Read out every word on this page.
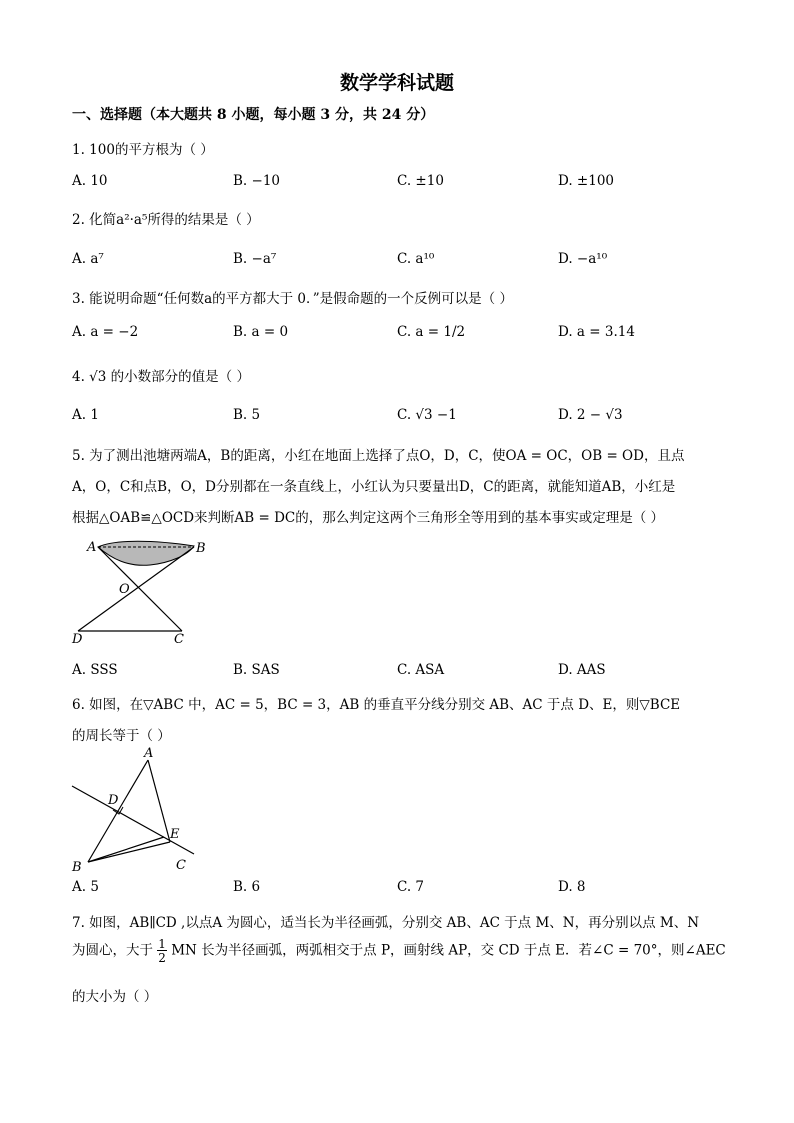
数学学科试题
一、选择题（本大题共 8 小题，每小题 3 分，共 24 分）
1. 100的平方根为（ ）
A. 10	B. −10	C. ±10	D. ±100
2. 化简a²·a⁵所得的结果是（ ）
A. a⁷	B. −a⁷	C. a¹⁰	D. −a¹⁰
3. 能说明命题“任何数a的平方都大于 0．”是假命题的一个反例可以是（ ）
A. a = −2	B. a = 0	C. a = 1/2	D. a = 3.14
4. √3 的小数部分的值是（ ）
A. 1	B. 5	C. √3 −1	D. 2 − √3
5. 为了测出池塘两端A，B的距离，小红在地面上选择了点O，D，C，使OA = OC，OB = OD，且点
A，O，C和点B，O，D分别都在一条直线上，小红认为只要量出D，C的距离，就能知道AB，小红是
根据△OAB≌△OCD来判断AB = DC的，那么判定这两个三角形全等用到的基本事实或定理是（ ）
A	B
O
D	C
A. SSS	B. SAS	C. ASA	D. AAS
6. 如图，在▽ABC 中，AC = 5，BC = 3，AB 的垂直平分线分别交 AB、AC 于点 D、E，则▽BCE
的周长等于（ ）
A
D
E
B	C
A. 5	B. 6	C. 7	D. 8
7. 如图，AB∥CD ,以点A 为圆心，适当长为半径画弧，分别交 AB、AC 于点 M、N，再分别以点 M、N
为圆心，大于 $\frac{1}{2}$ MN 长为半径画弧，两弧相交于点 P，画射线 AP，交 CD 于点 E．若∠C = 70°，则∠AEC
的大小为（ ）
